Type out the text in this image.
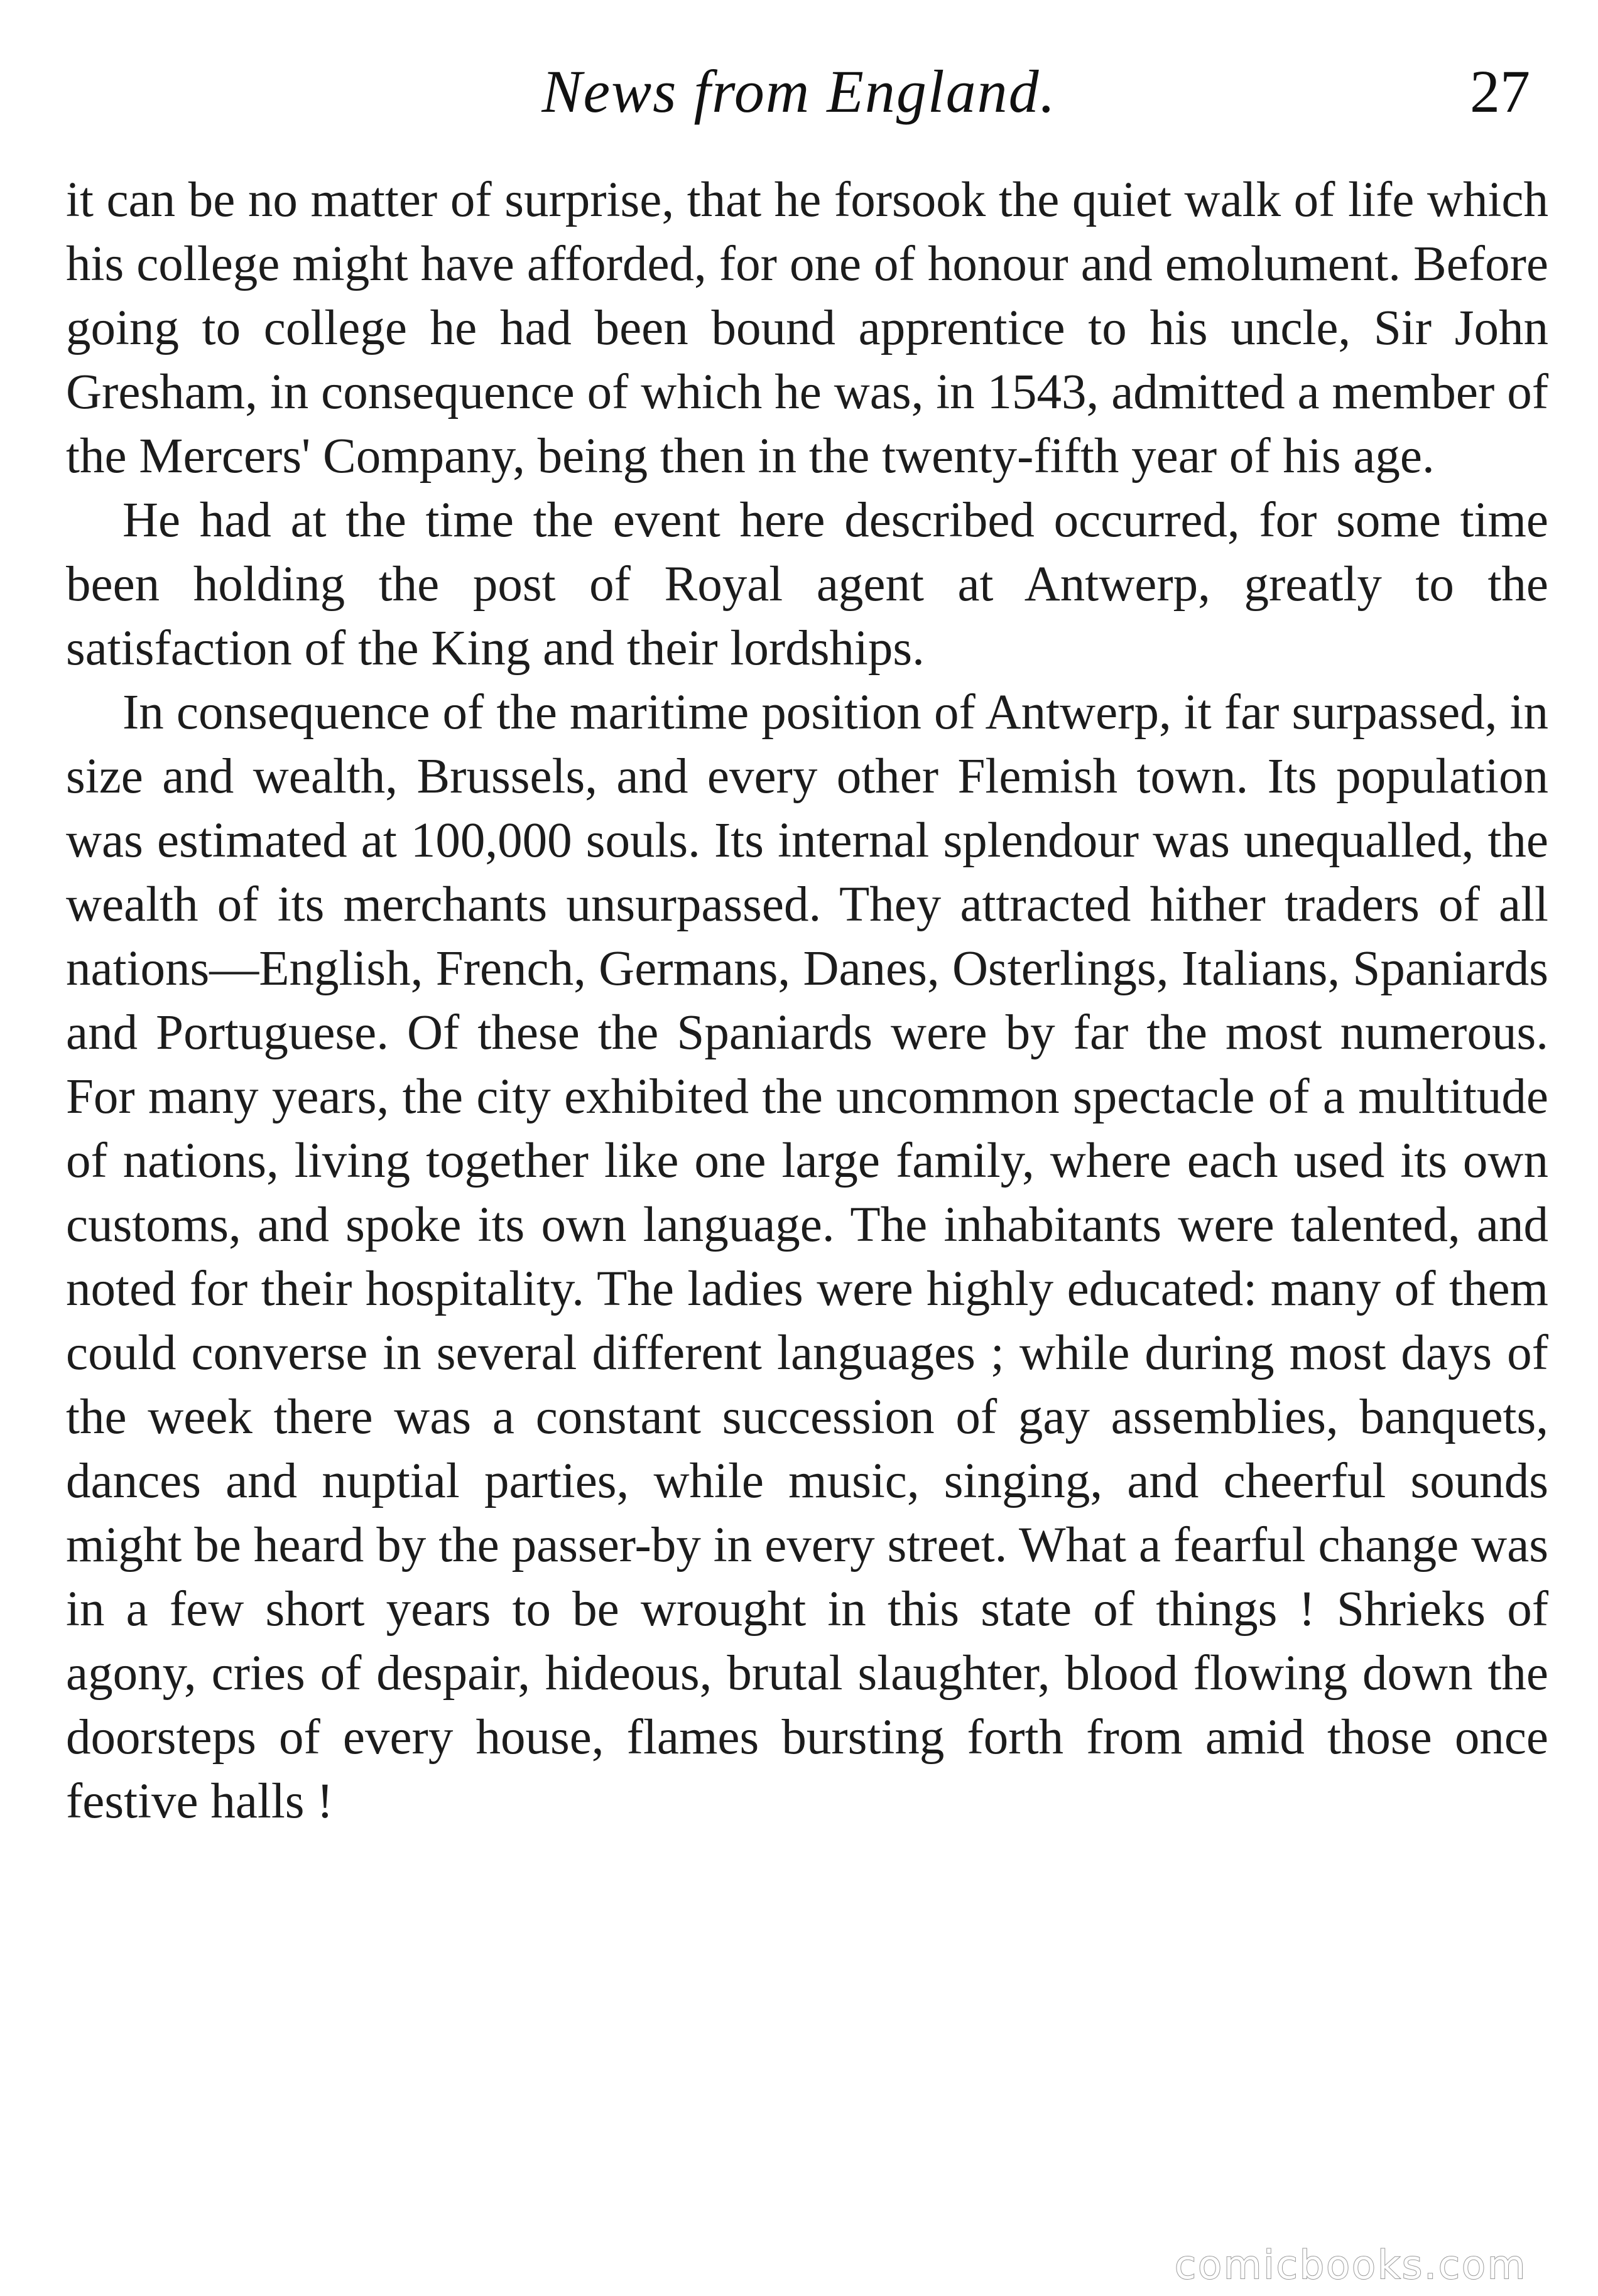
News from England.	27

it can be no matter of surprise, that he forsook the quiet walk of life which his college might have afforded, for one of honour and emolument. Before going to college he had been bound apprentice to his uncle, Sir John Gresham, in consequence of which he was, in 1543, admitted a member of the Mercers' Company, being then in the twenty-fifth year of his age.

He had at the time the event here described occurred, for some time been holding the post of Royal agent at Antwerp, greatly to the satisfaction of the King and their lordships.

In consequence of the maritime position of Antwerp, it far surpassed, in size and wealth, Brussels, and every other Flemish town. Its population was estimated at 100,000 souls. Its internal splendour was unequalled, the wealth of its merchants unsurpassed. They attracted hither traders of all nations—English, French, Germans, Danes, Osterlings, Italians, Spaniards and Portuguese. Of these the Spaniards were by far the most numerous. For many years, the city exhibited the uncommon spectacle of a multitude of nations, living together like one large family, where each used its own customs, and spoke its own language. The inhabitants were talented, and noted for their hospitality. The ladies were highly educated: many of them could converse in several different languages ; while during most days of the week there was a constant succession of gay assemblies, banquets, dances and nuptial parties, while music, singing, and cheerful sounds might be heard by the passer-by in every street. What a fearful change was in a few short years to be wrought in this state of things ! Shrieks of agony, cries of despair, hideous, brutal slaughter, blood flowing down the doorsteps of every house, flames bursting forth from amid those once festive halls !

comicbooks.com
